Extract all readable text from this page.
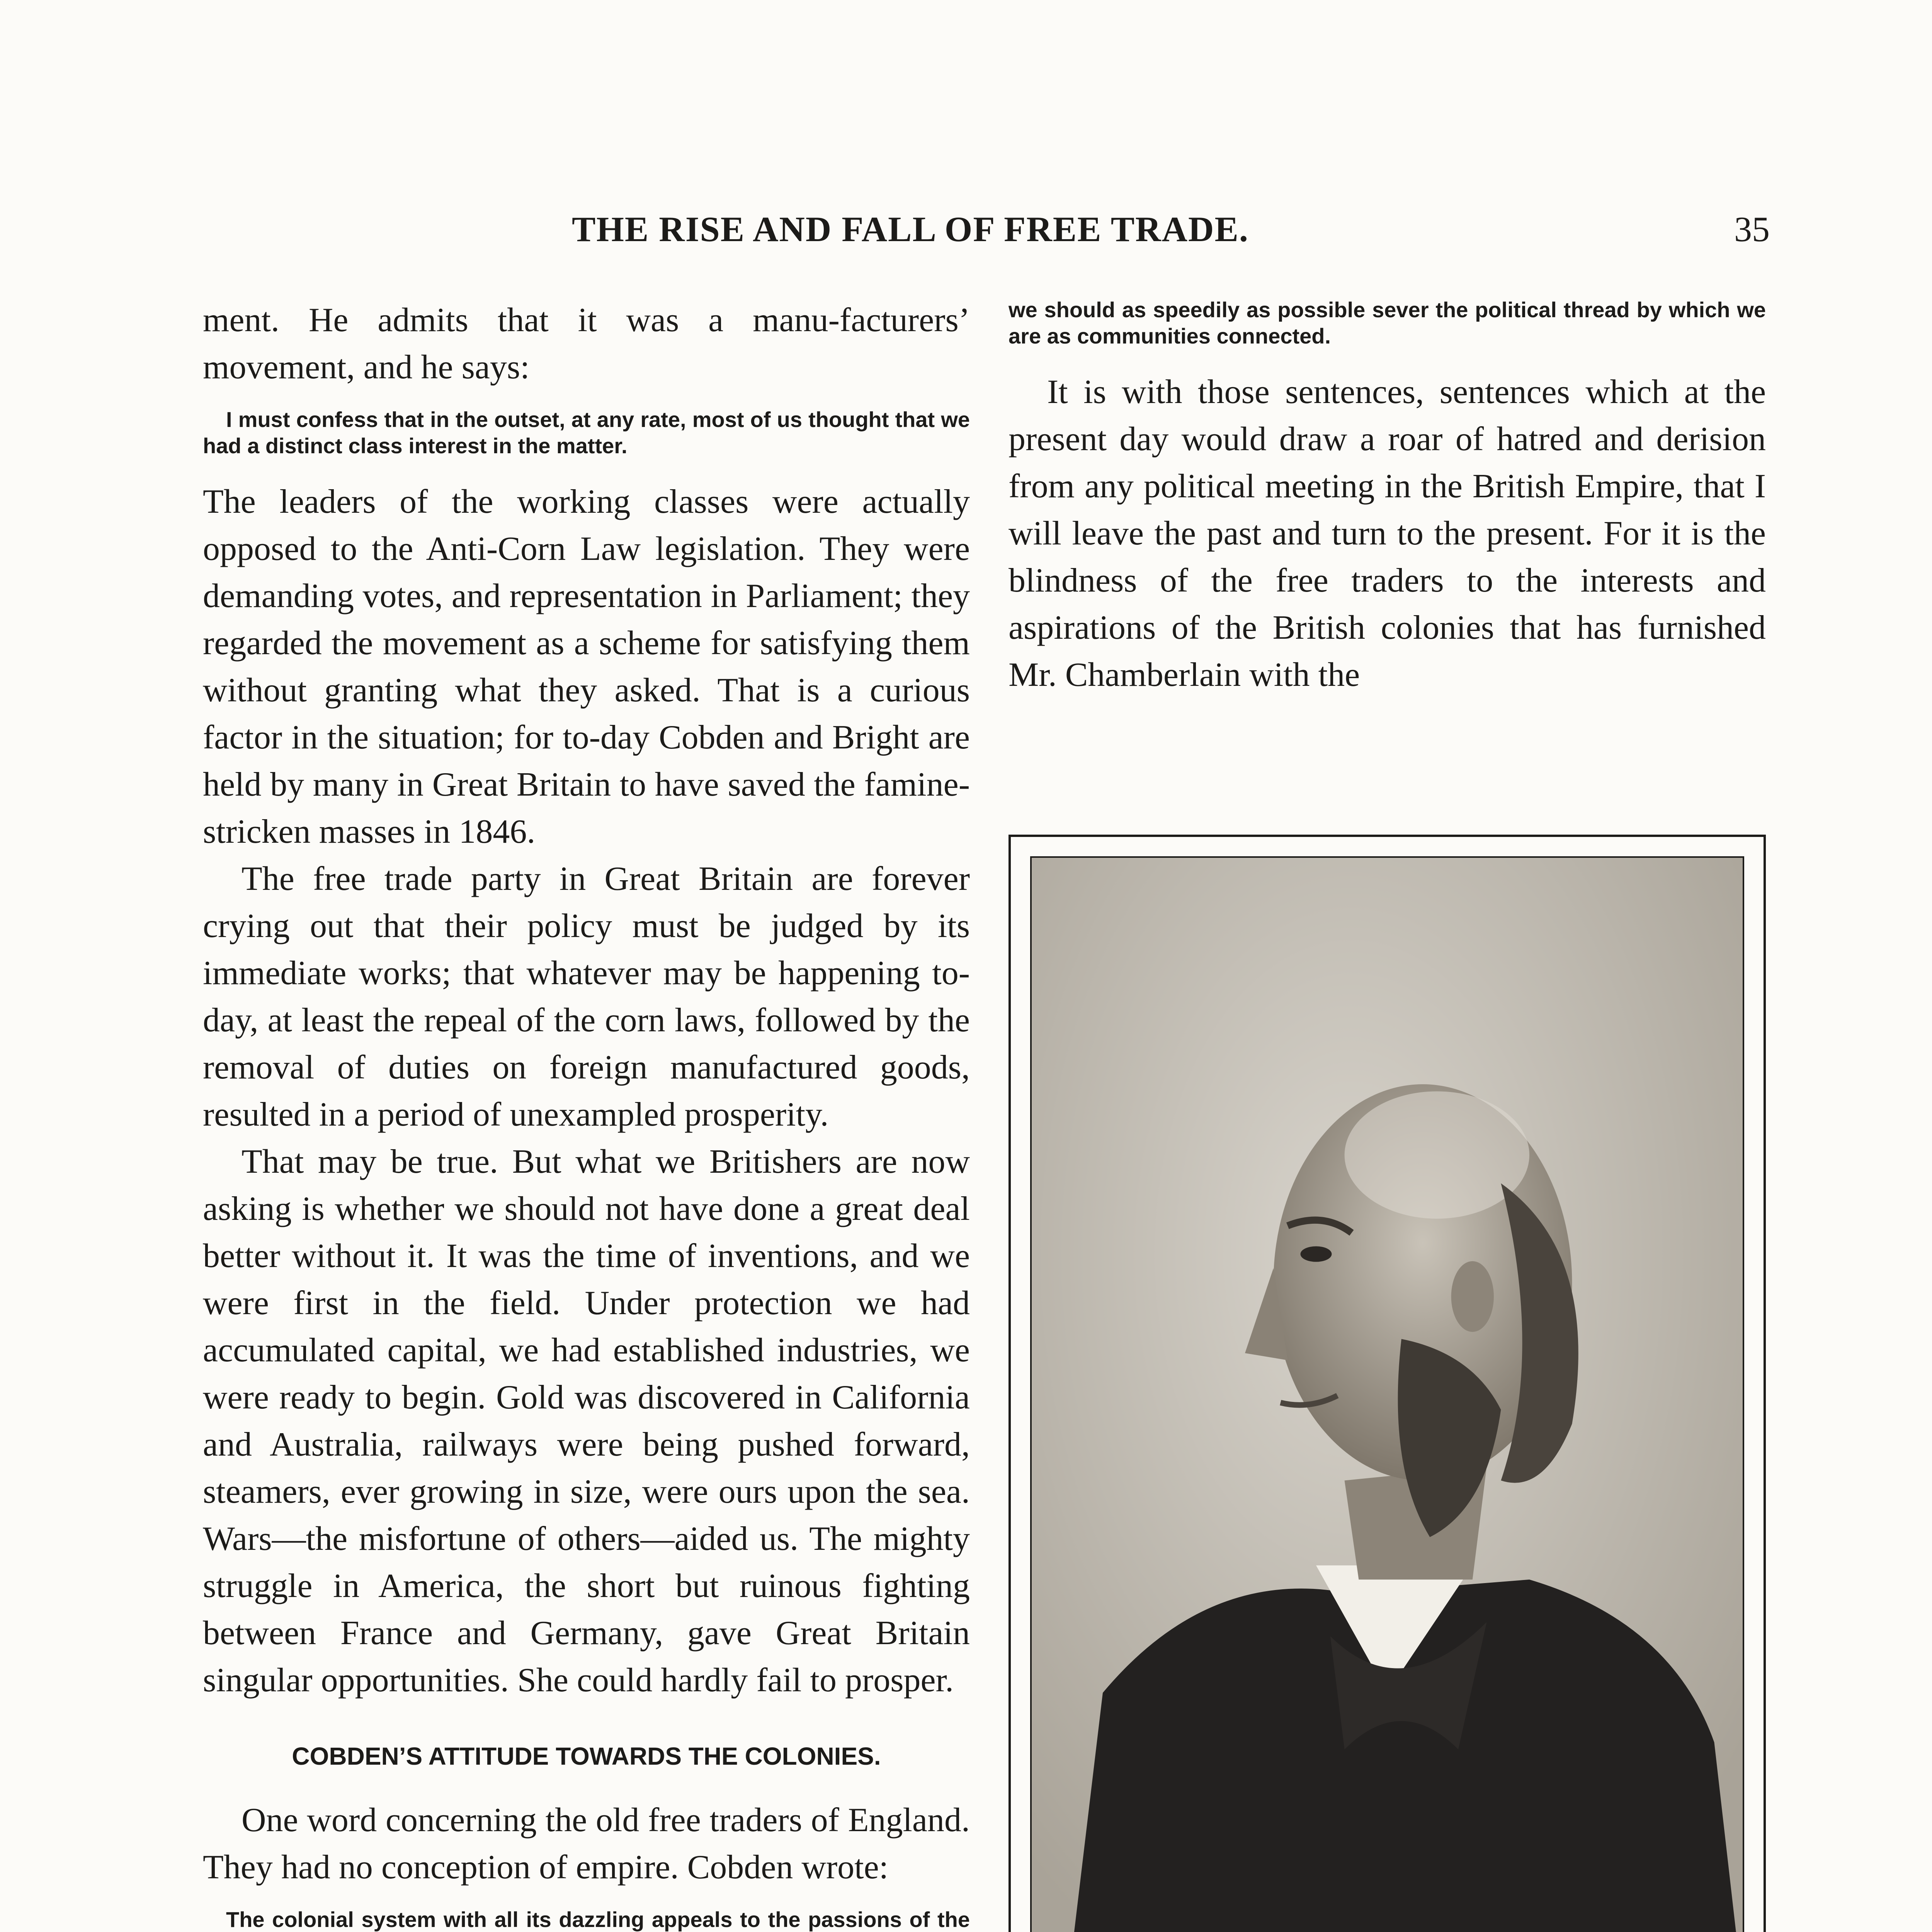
THE RISE AND FALL OF FREE TRADE.	35

ment. He admits that it was a manu-facturers’ movement, and he says:

I must confess that in the outset, at any rate, most of us thought that we had a distinct class interest in the matter.

The leaders of the working classes were actually opposed to the Anti-Corn Law legislation. They were demanding votes, and representation in Parliament; they regarded the movement as a scheme for satisfying them without granting what they asked. That is a curious factor in the situation; for to-day Cobden and Bright are held by many in Great Britain to have saved the famine-stricken masses in 1846.

The free trade party in Great Britain are forever crying out that their policy must be judged by its immediate works; that whatever may be happening to-day, at least the repeal of the corn laws, followed by the removal of duties on foreign manufactured goods, resulted in a period of unexampled prosperity.

That may be true. But what we Britishers are now asking is whether we should not have done a great deal better without it. It was the time of inventions, and we were first in the field. Under protection we had accumulated capital, we had established industries, we were ready to begin. Gold was discovered in California and Australia, railways were being pushed forward, steamers, ever growing in size, were ours upon the sea. Wars—the misfortune of others—aided us. The mighty struggle in America, the short but ruinous fighting between France and Germany, gave Great Britain singular opportunities. She could hardly fail to prosper.

COBDEN’S ATTITUDE TOWARDS THE COLONIES.

One word concerning the old free traders of England. They had no conception of empire. Cobden wrote:

The colonial system with all its dazzling appeals to the passions of the

we should as speedily as possible sever the political thread by which we are as communities connected.

It is with those sentences, sentences which at the present day would draw a roar of hatred and derision from any political meeting in the British Empire, that I will leave the past and turn to the present. For it is the blindness of the free traders to the interests and aspirations of the British colonies that has furnished Mr. Chamberlain with the
